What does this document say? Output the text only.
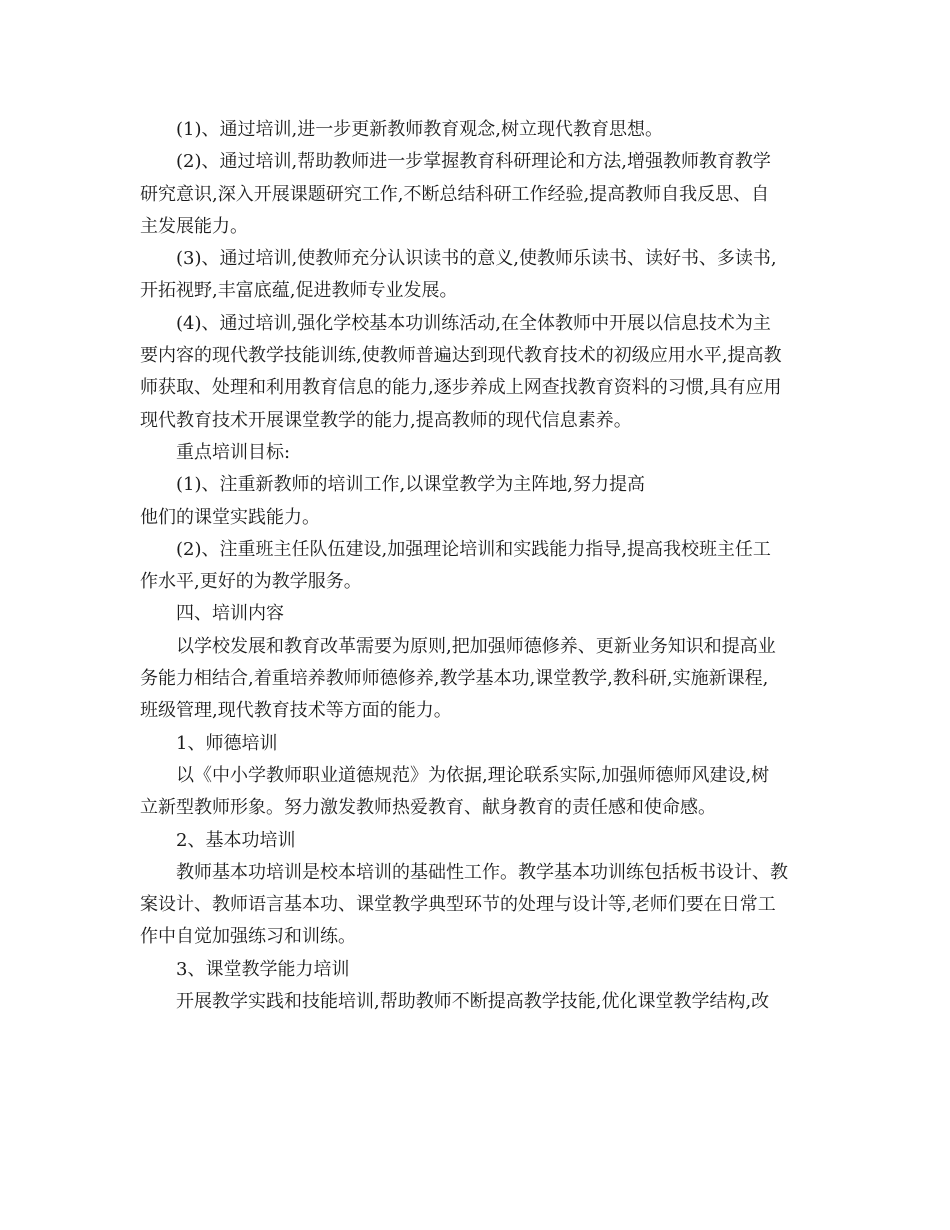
(1)、通过培训,进一步更新教师教育观念,树立现代教育思想。

(2)、通过培训,帮助教师进一步掌握教育科研理论和方法,增强教师教育教学
研究意识,深入开展课题研究工作,不断总结科研工作经验,提高教师自我反思、自
主发展能力。

(3)、通过培训,使教师充分认识读书的意义,使教师乐读书、读好书、多读书,
开拓视野,丰富底蕴,促进教师专业发展。

(4)、通过培训,强化学校基本功训练活动,在全体教师中开展以信息技术为主
要内容的现代教学技能训练,使教师普遍达到现代教育技术的初级应用水平,提高教
师获取、处理和利用教育信息的能力,逐步养成上网查找教育资料的习惯,具有应用
现代教育技术开展课堂教学的能力,提高教师的现代信息素养。

重点培训目标:

(1)、注重新教师的培训工作,以课堂教学为主阵地,努力提高

他们的课堂实践能力。

(2)、注重班主任队伍建设,加强理论培训和实践能力指导,提高我校班主任工
作水平,更好的为教学服务。

四、培训内容

以学校发展和教育改革需要为原则,把加强师德修养、更新业务知识和提高业
务能力相结合,着重培养教师师德修养,教学基本功,课堂教学,教科研,实施新课程,
班级管理,现代教育技术等方面的能力。

1、师德培训

以《中小学教师职业道德规范》为依据,理论联系实际,加强师德师风建设,树
立新型教师形象。努力激发教师热爱教育、献身教育的责任感和使命感。

2、基本功培训

教师基本功培训是校本培训的基础性工作。教学基本功训练包括板书设计、教
案设计、教师语言基本功、课堂教学典型环节的处理与设计等,老师们要在日常工
作中自觉加强练习和训练。

3、课堂教学能力培训

开展教学实践和技能培训,帮助教师不断提高教学技能,优化课堂教学结构,改
